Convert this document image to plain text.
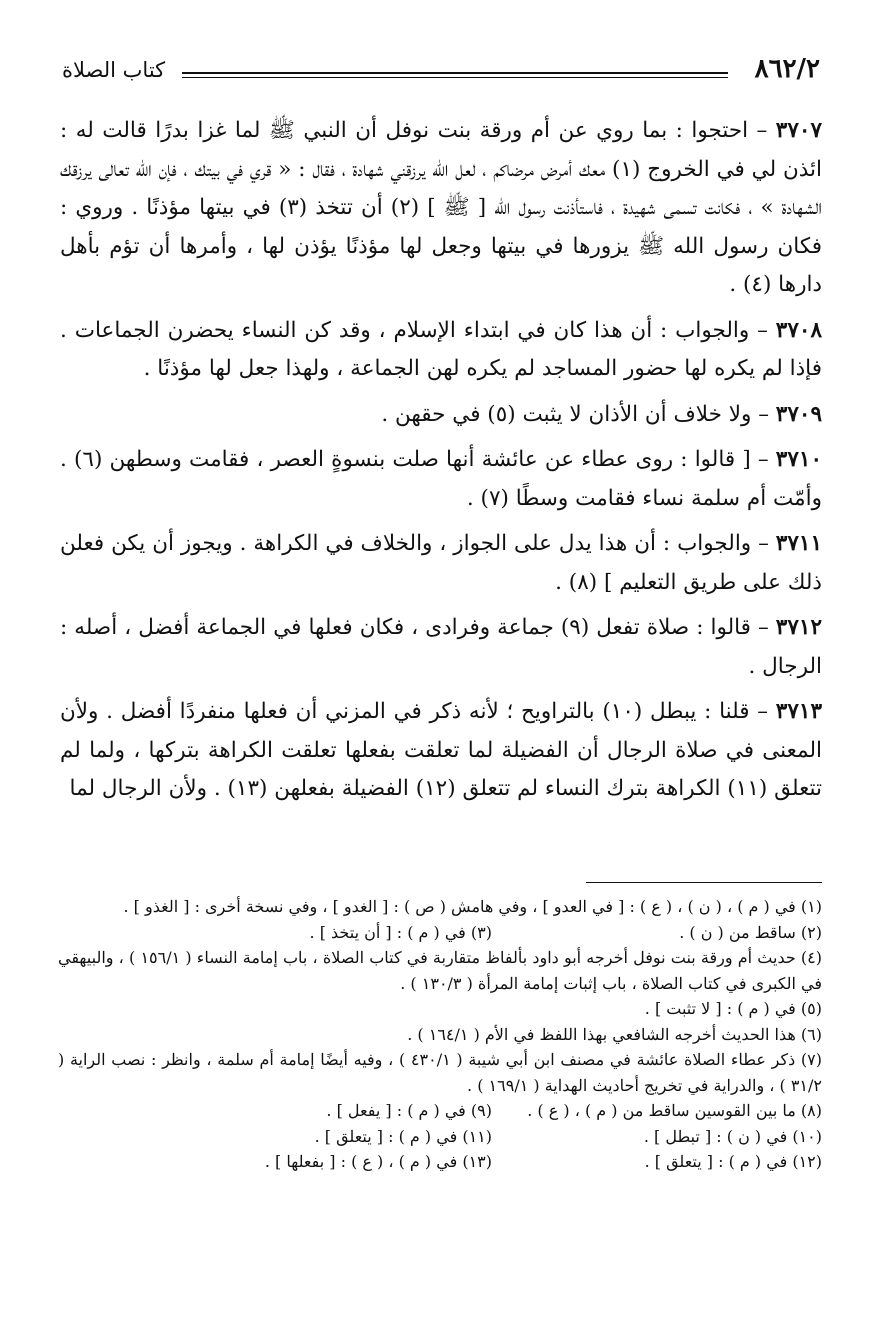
٨٦٢/٢
كتاب الصلاة

٣٧٠٧ – احتجوا : بما روي عن أم ورقة بنت نوفل أن النبي ﷺ لما غزا بدرًا قالت له : ائذن لي في الخروج (١) معك أمرض مرضاكم ، لعل الله يرزقني شهادة ، فقال : « قري في بيتك ، فإن الله تعالى يرزقك الشهادة » ، فكانت تسمى شهيدة ، فاستأذنت رسول الله [ ﷺ ] (٢) أن تتخذ (٣) في بيتها مؤذنًا . وروي : فكان رسول الله ﷺ يزورها في بيتها وجعل لها مؤذنًا يؤذن لها ، وأمرها أن تؤم بأهل دارها (٤) .

٣٧٠٨ – والجواب : أن هذا كان في ابتداء الإسلام ، وقد كن النساء يحضرن الجماعات . فإذا لم يكره لها حضور المساجد لم يكره لهن الجماعة ، ولهذا جعل لها مؤذنًا .

٣٧٠٩ – ولا خلاف أن الأذان لا يثبت (٥) في حقهن .

٣٧١٠ – [ قالوا : روى عطاء عن عائشة أنها صلت بنسوةٍ العصر ، فقامت وسطهن (٦) . وأمّت أم سلمة نساء فقامت وسطًا (٧) .

٣٧١١ – والجواب : أن هذا يدل على الجواز ، والخلاف في الكراهة . ويجوز أن يكن فعلن ذلك على طريق التعليم ] (٨) .

٣٧١٢ – قالوا : صلاة تفعل (٩) جماعة وفرادى ، فكان فعلها في الجماعة أفضل ، أصله : الرجال .

٣٧١٣ – قلنا : يبطل (١٠) بالتراويح ؛ لأنه ذكر في المزني أن فعلها منفردًا أفضل . ولأن المعنى في صلاة الرجال أن الفضيلة لما تعلقت بفعلها تعلقت الكراهة بتركها ، ولما لم تتعلق (١١) الكراهة بترك النساء لم تتعلق (١٢) الفضيلة بفعلهن (١٣) . ولأن الرجال لما

(١) في ( م ) ، ( ن ) ، ( ع ) : [ في العدو ] ، وفي هامش ( ص ) : [ الغدو ] ، وفي نسخة أخرى : [ الغذو ] .

(٢) ساقط من ( ن ) .
(٣) في ( م ) : [ أن يتخذ ] .

(٤) حديث أم ورقة بنت نوفل أخرجه أبو داود بألفاظ متقاربة في كتاب الصلاة ، باب إمامة النساء ( ١٥٦/١ ) ، والبيهقي في الكبرى في كتاب الصلاة ، باب إثبات إمامة المرأة ( ١٣٠/٣ ) .

(٥) في ( م ) : [ لا تثبت ] .

(٦) هذا الحديث أخرجه الشافعي بهذا اللفظ في الأم ( ١٦٤/١ ) .

(٧) ذكر عطاء الصلاة عائشة في مصنف ابن أبي شيبة ( ٤٣٠/١ ) ، وفيه أيضًا إمامة أم سلمة ، وانظر : نصب الراية ( ٣١/٢ ) ، والدراية في تخريج أحاديث الهداية ( ١٦٩/١ ) .

(٨) ما بين القوسين ساقط من ( م ) ، ( ع ) .
(٩) في ( م ) : [ يفعل ] .
(١٠) في ( ن ) : [ تبطل ] .
(١١) في ( م ) : [ يتعلق ] .
(١٢) في ( م ) : [ يتعلق ] .
(١٣) في ( م ) ، ( ع ) : [ بفعلها ] .
